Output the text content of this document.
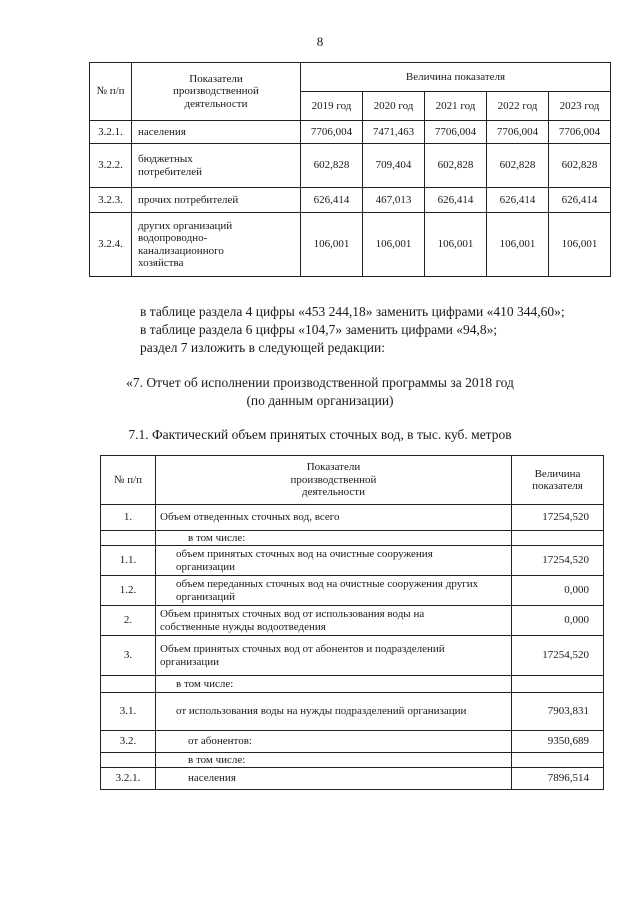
8
№ п/п	Показатели производственной деятельности	Величина показателя				
		2019 год	2020 год	2021 год	2022 год	2023 год
3.2.1.	населения	7706,004	7471,463	7706,004	7706,004	7706,004
3.2.2.	бюджетных потребителей	602,828	709,404	602,828	602,828	602,828
3.2.3.	прочих потребителей	626,414	467,013	626,414	626,414	626,414
3.2.4.	других организаций водопроводно-канализационного хозяйства	106,001	106,001	106,001	106,001	106,001
в таблице раздела 4 цифры «453 244,18» заменить цифрами «410 344,60»;
в таблице раздела 6 цифры «104,7» заменить цифрами «94,8»;
раздел 7 изложить в следующей редакции:
«7. Отчет об исполнении производственной программы за 2018 год
(по данным организации)
7.1. Фактический объем принятых сточных вод, в тыс. куб. метров
№ п/п	Показатели производственной деятельности	Величина показателя
1.	Объем отведенных сточных вод, всего	17254,520
	в том числе:	
1.1.	объем принятых сточных вод на очистные сооружения организации	17254,520
1.2.	объем переданных сточных вод на очистные сооружения других организаций	0,000
2.	Объем принятых сточных вод от использования воды на собственные нужды водоотведения	0,000
3.	Объем принятых сточных вод от абонентов и подразделений организации	17254,520
	в том числе:	
3.1.	от использования воды на нужды подразделений организации	7903,831
3.2.	от абонентов:	9350,689
	в том числе:	
3.2.1.	населения	7896,514
